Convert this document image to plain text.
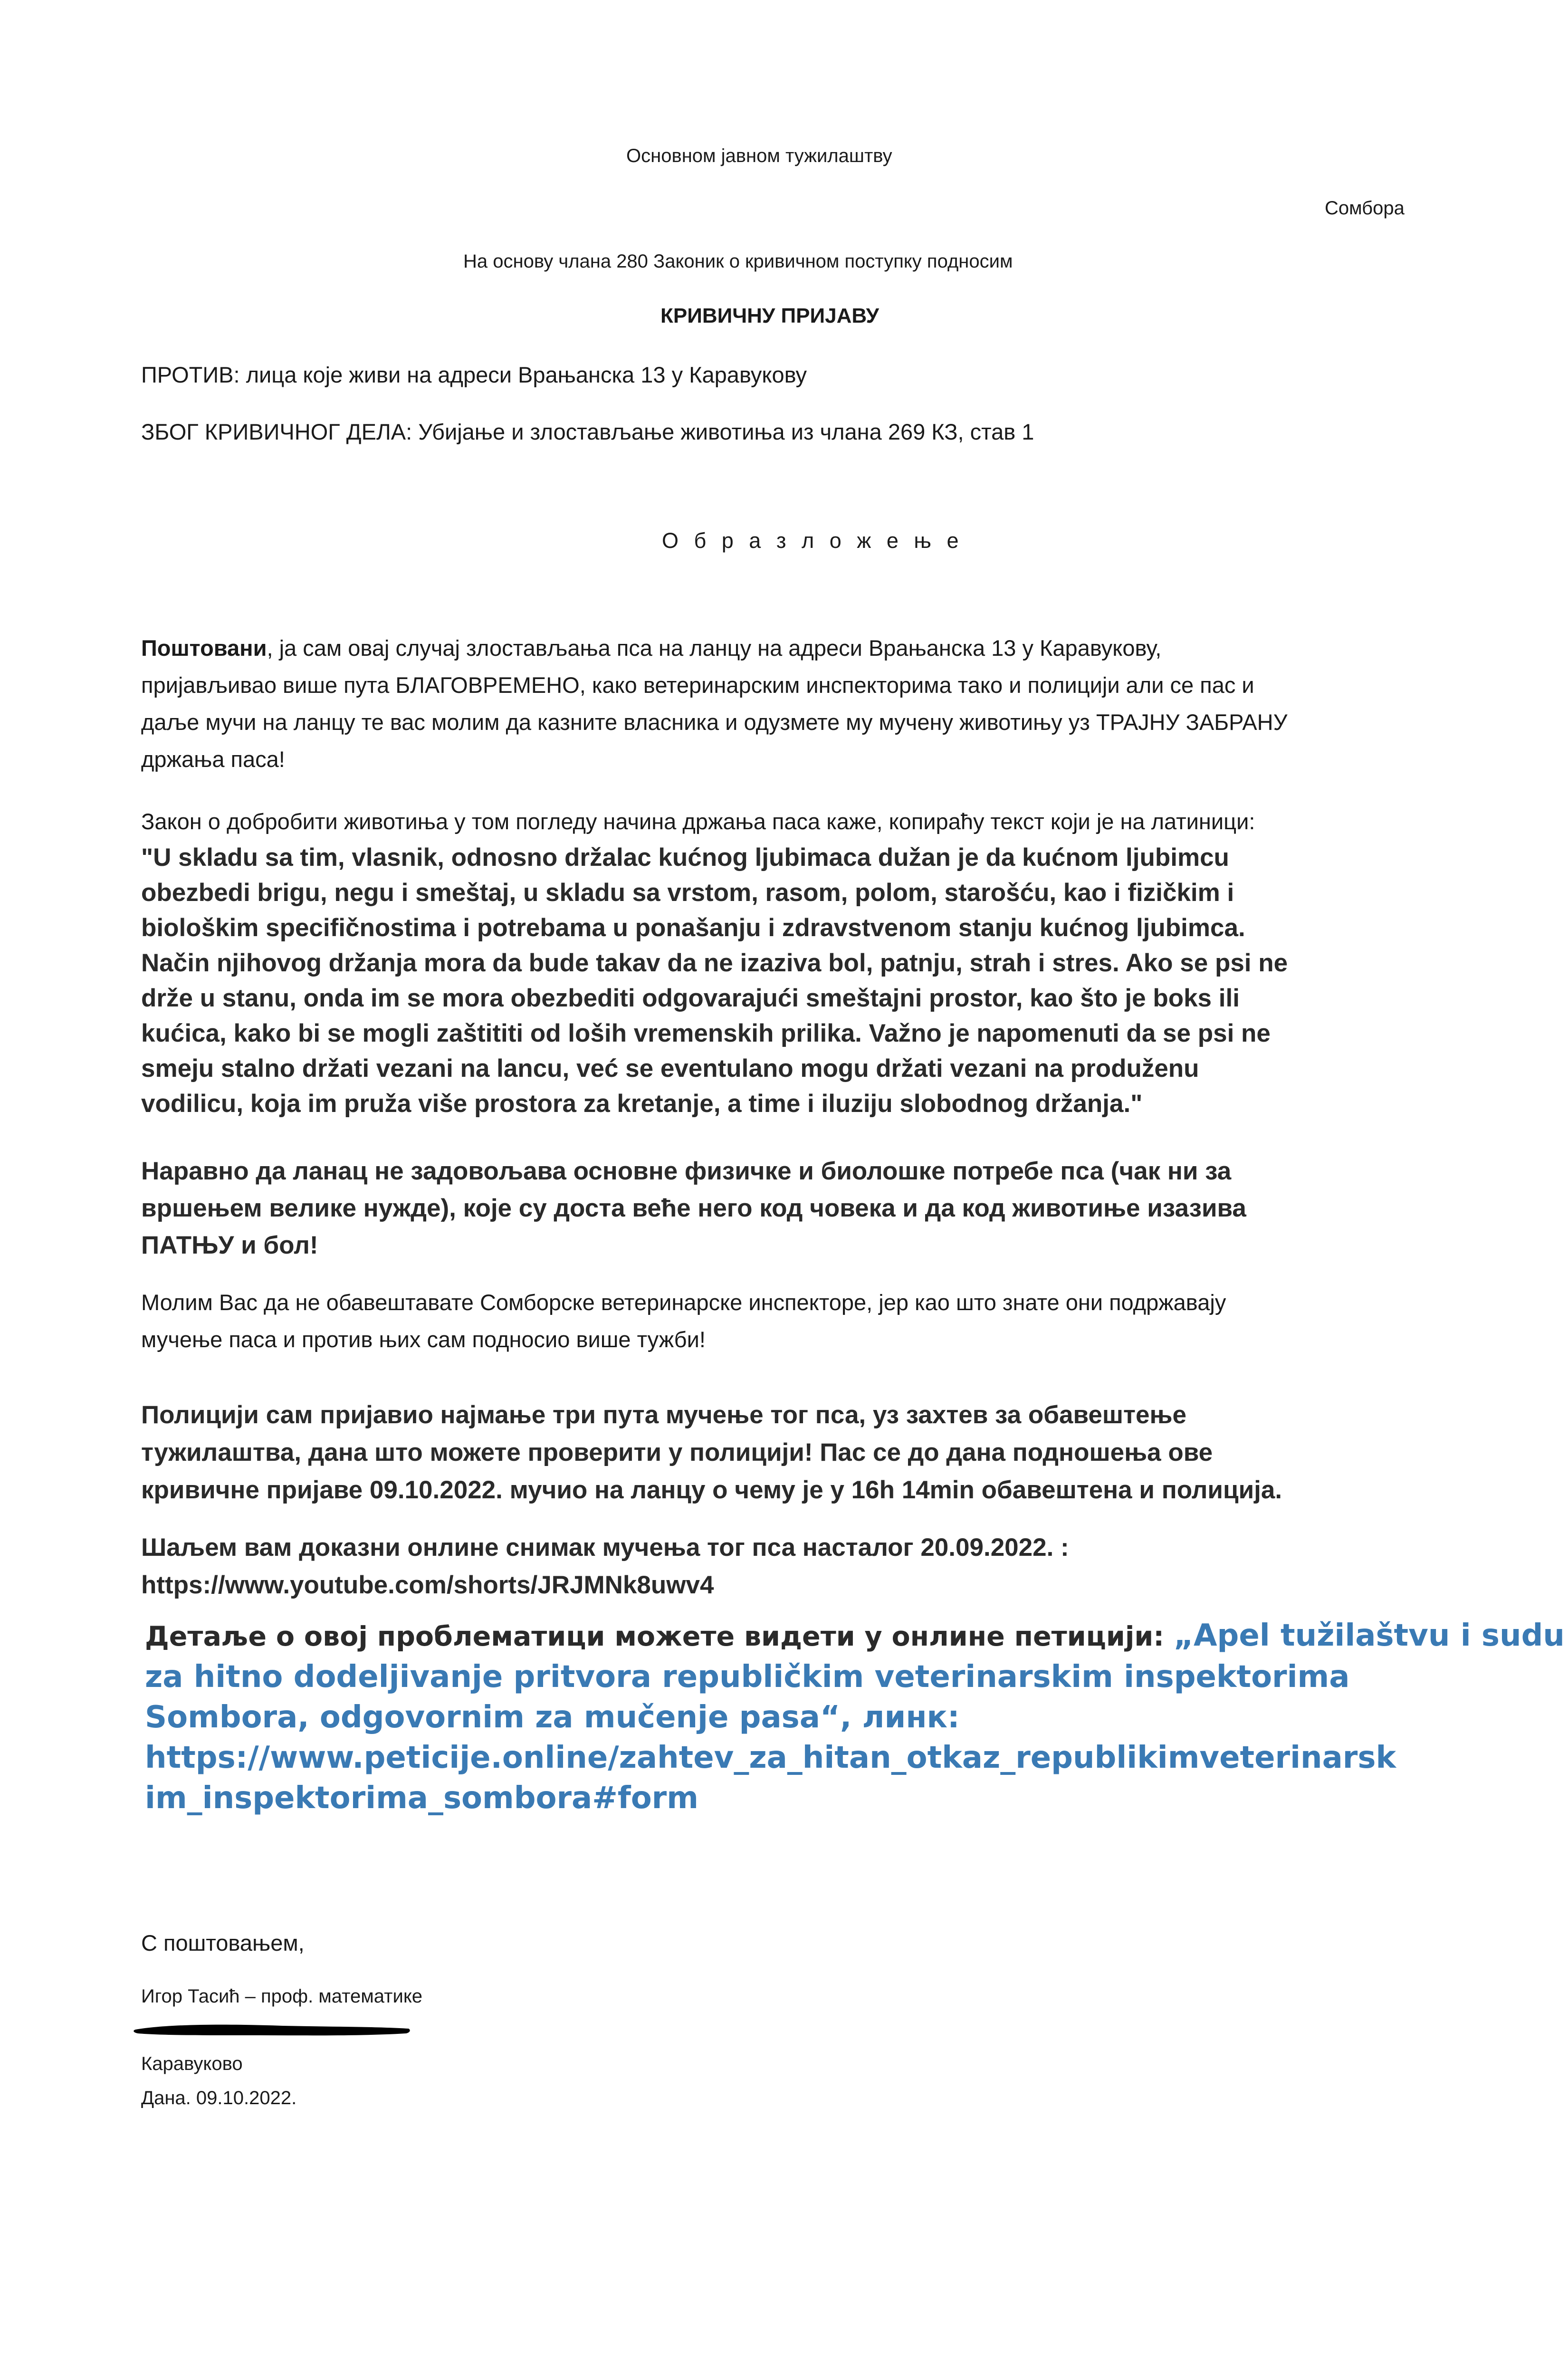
Основном јавном тужилаштву
Сомбора
На основу члана 280 Законик о кривичном поступку подносим
КРИВИЧНУ ПРИЈАВУ
ПРОТИВ: лица које живи на адреси Врањанска 13 у Каравукову
ЗБОГ КРИВИЧНОГ ДЕЛА: Убијање и злостављање животиња из члана 269 КЗ, став 1
О б р а з л о ж е њ е
Поштовани, ја сам овај случај злостављања пса на ланцу на адреси Врањанска 13 у Каравукову,
пријављивао више пута БЛАГОВРЕМЕНО, како ветеринарским инспекторима тако и полицији али се пас и
даље мучи на ланцу те вас молим да казните власника и одузмете му мучену животињу уз ТРАЈНУ ЗАБРАНУ
држања паса!
Закон о добробити животиња у том погледу начина држања паса каже, копираћу текст који је на латиници:
"U skladu sa tim, vlasnik, odnosno držalac kućnog ljubimaca dužan je da kućnom ljubimcu
obezbedi brigu, negu i smeštaj, u skladu sa vrstom, rasom, polom, starošću, kao i fizičkim i
biološkim specifičnostima i potrebama u ponašanju i zdravstvenom stanju kućnog ljubimca.
Način njihovog držanja mora da bude takav da ne izaziva bol, patnju, strah i stres. Ako se psi ne
drže u stanu, onda im se mora obezbediti odgovarajući smeštajni prostor, kao što je boks ili
kućica, kako bi se mogli zaštititi od loših vremenskih prilika. Važno je napomenuti da se psi ne
smeju stalno držati vezani na lancu, već se eventulano mogu držati vezani na produženu
vodilicu, koja im pruža više prostora za kretanje, a time i iluziju slobodnog držanja."
Наравно да ланац не задовољава основне физичке и биолошке потребе пса (чак ни за
вршењем велике нужде), које су доста веће него код човека и да код животиње изазива
ПАТЊУ и бол!
Молим Вас да не обавештавате Сомборске ветеринарске инспекторе, јер као што знате они подржавају
мучење паса и против њих сам подносио више тужби!
Полицији сам пријавио најмање три пута мучење тог пса, уз захтев за обавештење
тужилаштва, дана што можете проверити у полицији! Пас се до дана подношења ове
кривичне пријаве 09.10.2022. мучио на ланцу о чему је у 16h 14min обавештена и полиција.
Шаљем вам доказни онлине снимак мучења тог пса насталог 20.09.2022. :
https://www.youtube.com/shorts/JRJMNk8uwv4
Детаље о овој проблематици можете видети у онлине петицији: „Apel tužilaštvu i sudu
za hitno dodeljivanje pritvora republičkim veterinarskim inspektorima
Sombora, odgovornim za mučenje pasa“, линк:
https://www.peticije.online/zahtev_za_hitan_otkaz_republikimveterinarsk
im_inspektorima_sombora#form
С поштовањем,
Игор Тасић – проф. математике
Каравуково
Дана. 09.10.2022.
